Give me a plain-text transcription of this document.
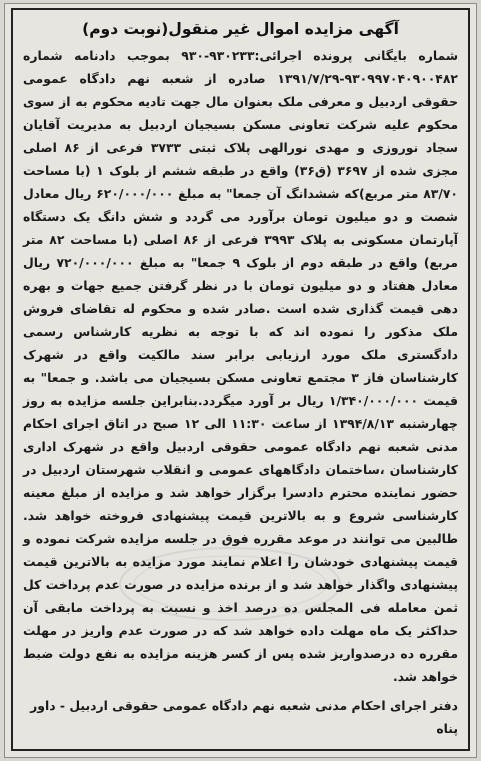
آگهی مزایده اموال غیر منقول(نوبت دوم)

شماره بایگانی پرونده اجرائی:۹۳۰۲۳۳-۹۳۰ بموجب دادنامه شماره ۹۳۰۹۹۷۰۴۰۹۰۰۴۸۲-۱۳۹۱/۷/۲۹ صادره از شعبه نهم دادگاه عمومی حقوقی اردبیل و معرفی ملک بعنوان مال جهت تادیه محکوم به از سوی محکوم علیه شرکت تعاونی مسکن بسیجیان اردبیل به مدیریت آقایان سجاد نوروزی و مهدی نورالهی پلاک ثبتی ۳۷۳۳ فرعی از ۸۶ اصلی مجزی شده از ۳۶۹۷ (ق۳۶) واقع در طبقه ششم از بلوک ۱ (با مساحت ۸۳/۷۰ متر مربع)که ششدانگ آن جمعا" به مبلغ ۶۲۰/۰۰۰/۰۰۰ ریال معادل شصت و دو میلیون تومان برآورد می گردد و شش دانگ یک دستگاه آپارتمان مسکونی به پلاک ۳۹۹۳ فرعی از ۸۶ اصلی (با مساحت ۸۲ متر مربع) واقع در طبقه دوم از بلوک ۹ جمعا" به مبلغ ۷۲۰/۰۰۰/۰۰۰ ریال معادل هفتاد و دو میلیون تومان با در نظر گرفتن جمیع جهات و بهره دهی قیمت گذاری شده است .صادر شده و محکوم له تقاضای فروش ملک مذکور را نموده اند که با توجه به نظریه کارشناس رسمی دادگستری ملک مورد ارزیابی برابر سند مالکیت واقع در شهرک کارشناسان فاز ۳ مجتمع تعاونی مسکن بسیجیان می باشد. و جمعا" به قیمت ۱/۳۴۰/۰۰۰/۰۰۰ ریال بر آورد میگردد.بنابراین جلسه مزایده به روز چهارشنبه ۱۳۹۴/۸/۱۳ از ساعت ۱۱:۳۰ الی ۱۲ صبح در اتاق اجرای احکام مدنی شعبه نهم دادگاه عمومی حقوقی اردبیل واقع در شهرک اداری کارشناسان ،ساختمان دادگاههای عمومی و انقلاب شهرستان اردبیل در حضور نماینده محترم دادسرا برگزار خواهد شد و مزایده از مبلغ معینه کارشناسی شروع و به بالاترین قیمت پیشنهادی فروخته خواهد شد. طالبین می توانند در موعد مقرره فوق در جلسه مزایده شرکت نموده و قیمت پیشنهادی خودشان را اعلام نمایند مورد مزایده به بالاترین قیمت پیشنهادی واگذار خواهد شد و از برنده مزایده در صورت عدم پرداخت کل ثمن معامله فی المجلس ده درصد اخذ و نسبت به پرداخت مابقی آن حداکثر یک ماه مهلت داده خواهد شد که در صورت عدم واریز در مهلت مقرره ده درصدواریز شده پس از کسر هزینه مزایده به نفع دولت ضبط خواهد شد.

دفتر اجرای احکام مدنی شعبه نهم دادگاه عمومی حقوقی اردبیل - داور پناه
